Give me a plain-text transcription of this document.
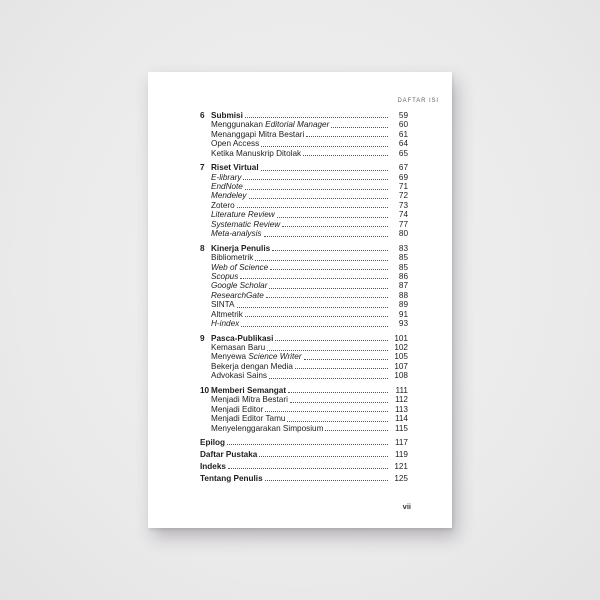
DAFTAR ISI
6 Submisi	59
Menggunakan Editorial Manager	60
Menanggapi Mitra Bestari	61
Open Access	64
Ketika Manuskrip Ditolak	65
7 Riset Virtual	67
E-library	69
EndNote	71
Mendeley	72
Zotero	73
Literature Review	74
Systematic Review	77
Meta-analysis	80
8 Kinerja Penulis	83
Bibliometrik	85
Web of Science	85
Scopus	86
Google Scholar	87
ResearchGate	88
SINTA	89
Altmetrik	91
H-index	93
9 Pasca-Publikasi	101
Kemasan Baru	102
Menyewa Science Writer	105
Bekerja dengan Media	107
Advokasi Sains	108
10 Memberi Semangat	111
Menjadi Mitra Bestari	112
Menjadi Editor	113
Menjadi Editor Tamu	114
Menyelenggarakan Simposium	115
Epilog	117
Daftar Pustaka	119
Indeks	121
Tentang Penulis	125
vii
